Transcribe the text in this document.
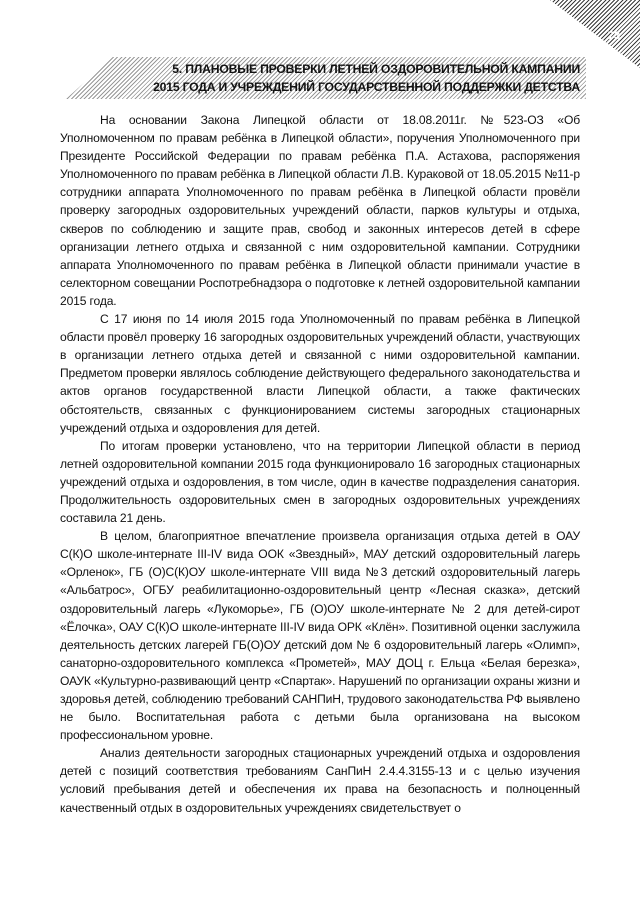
73
5. ПЛАНОВЫЕ ПРОВЕРКИ ЛЕТНЕЙ ОЗДОРОВИТЕЛЬНОЙ КАМПАНИИ
2015 ГОДА И УЧРЕЖДЕНИЙ ГОСУДАРСТВЕННОЙ ПОДДЕРЖКИ ДЕТСТВА

На основании Закона Липецкой области от 18.08.2011г. №523-ОЗ «Об Уполномоченном по правам ребёнка в Липецкой области», поручения Уполномоченного при Президенте Российской Федерации по правам ребёнка П.А. Астахова, распоряжения Уполномоченного по правам ребёнка в Липецкой области Л.В. Кураковой от 18.05.2015 №11-р сотрудники аппарата Уполномоченного по правам ребёнка в Липецкой области провёли проверку загородных оздоровительных учреждений области, парков культуры и отдыха, скверов по соблюдению и защите прав, свобод и законных интересов детей в сфере организации летнего отдыха и связанной с ним оздоровительной кампании. Сотрудники аппарата Уполномоченного по правам ребёнка в Липецкой области принимали участие в селекторном совещании Роспотребнадзора о подготовке к летней оздоровительной кампании 2015 года.

С 17 июня по 14 июля 2015 года Уполномоченный по правам ребёнка в Липецкой области провёл проверку 16 загородных оздоровительных учреждений области, участвующих в организации летнего отдыха детей и связанной с ними оздоровительной кампании. Предметом проверки являлось соблюдение действующего федерального законодательства и актов органов государственной власти Липецкой области, а также фактических обстоятельств, связанных с функционированием системы загородных стационарных учреждений отдыха и оздоровления для детей.

По итогам проверки установлено, что на территории Липецкой области в период летней оздоровительной компании 2015 года функционировало 16 загородных стационарных учреждений отдыха и оздоровления, в том числе, один в качестве подразделения санатория. Продолжительность оздоровительных смен в загородных оздоровительных учреждениях составила 21 день.

В целом, благоприятное впечатление произвела организация отдыха детей в ОАУ С(К)О школе-интернате III-IV вида ООК «Звездный», МАУ детский оздоровительный лагерь «Орленок», ГБ (О)С(К)ОУ школе-интернате VIII вида №3 детский оздоровительный лагерь «Альбатрос», ОГБУ реабилитационно-оздоровительный центр «Лесная сказка», детский оздоровительный лагерь «Лукоморье», ГБ (О)ОУ школе-интернате № 2 для детей-сирот «Ёлочка», ОАУ С(К)О школе-интернате III-IV вида ОРК «Клён». Позитивной оценки заслужила деятельность детских лагерей ГБ(О)ОУ детский дом № 6 оздоровительный лагерь «Олимп», санаторно-оздоровительного комплекса «Прометей», МАУ ДОЦ г. Ельца «Белая березка», ОАУК «Культурно-развивающий центр «Спартак». Нарушений по организации охраны жизни и здоровья детей, соблюдению требований САНПиН, трудового законодательства РФ выявлено не было. Воспитательная работа с детьми была организована на высоком профессиональном уровне.

Анализ деятельности загородных стационарных учреждений отдыха и оздоровления детей с позиций соответствия требованиям СанПиН 2.4.4.3155-13 и с целью изучения условий пребывания детей и обеспечения их права на безопасность и полноценный качественный отдых в оздоровительных учреждениях свидетельствует о
